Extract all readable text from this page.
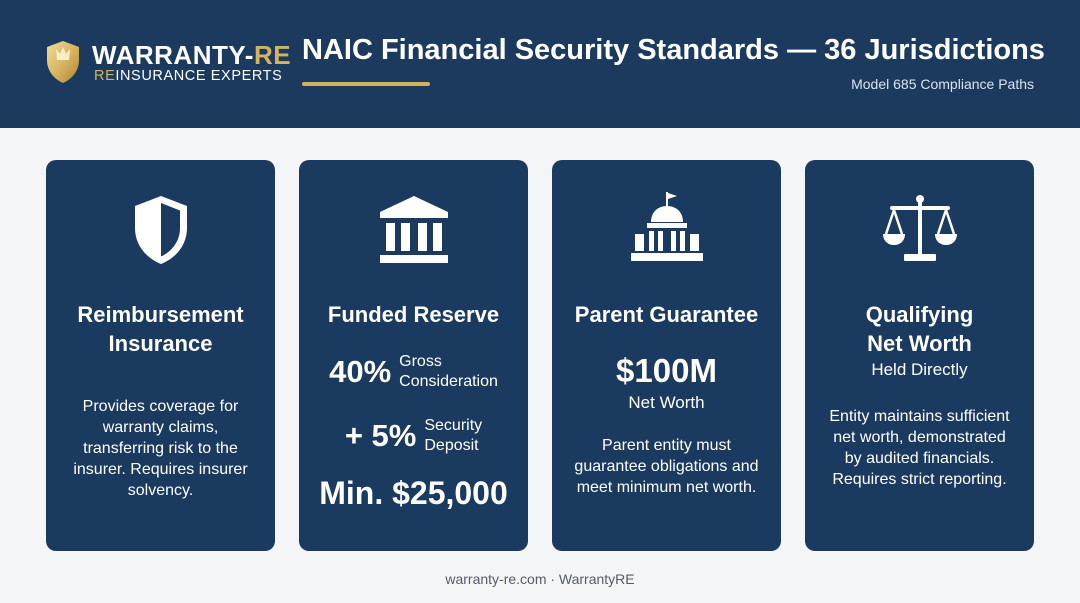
WARRANTY-RE
REINSURANCE EXPERTS
NAIC Financial Security Standards — 36 Jurisdictions
Model 685 Compliance Paths
Reimbursement
Insurance
Provides coverage for warranty claims, transferring risk to the insurer. Requires insurer solvency.
Funded Reserve
40% Gross
Consideration
+ 5% Security
Deposit
Min. $25,000
Parent Guarantee
$100M
Net Worth
Parent entity must guarantee obligations and meet minimum net worth.
Qualifying
Net Worth
Held Directly
Entity maintains sufficient net worth, demonstrated by audited financials. Requires strict reporting.
warranty-re.com · WarrantyRE
